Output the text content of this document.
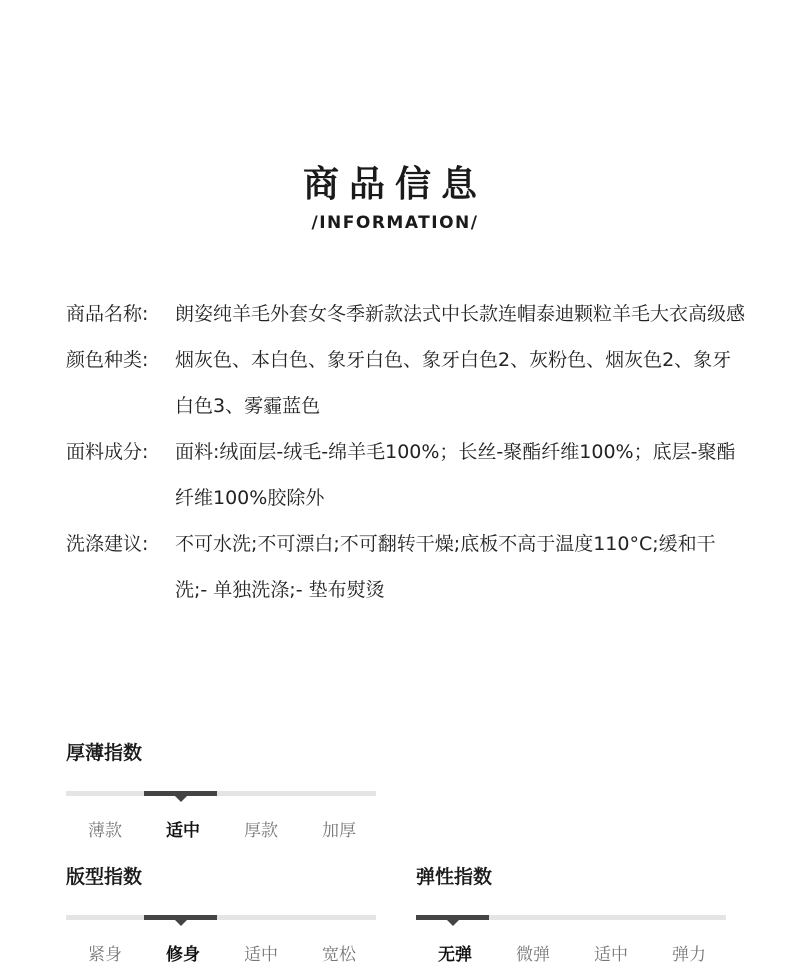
商品信息
/INFORMATION/
商品名称:	朗姿纯羊毛外套女冬季新款法式中长款连帽泰迪颗粒羊毛大衣高级感
颜色种类:	烟灰色、本白色、象牙白色、象牙白色2、灰粉色、烟灰色2、象牙白色3、雾霾蓝色
面料成分:	面料:绒面层-绒毛-绵羊毛100%；长丝-聚酯纤维100%；底层-聚酯纤维100%胶除外
洗涤建议:	不可水洗;不可漂白;不可翻转干燥;底板不高于温度110°C;缓和干洗;- 单独洗涤;- 垫布熨烫
厚薄指数
薄款	适中	厚款	加厚
版型指数
紧身	修身	适中	宽松
弹性指数
无弹	微弹	适中	弹力
